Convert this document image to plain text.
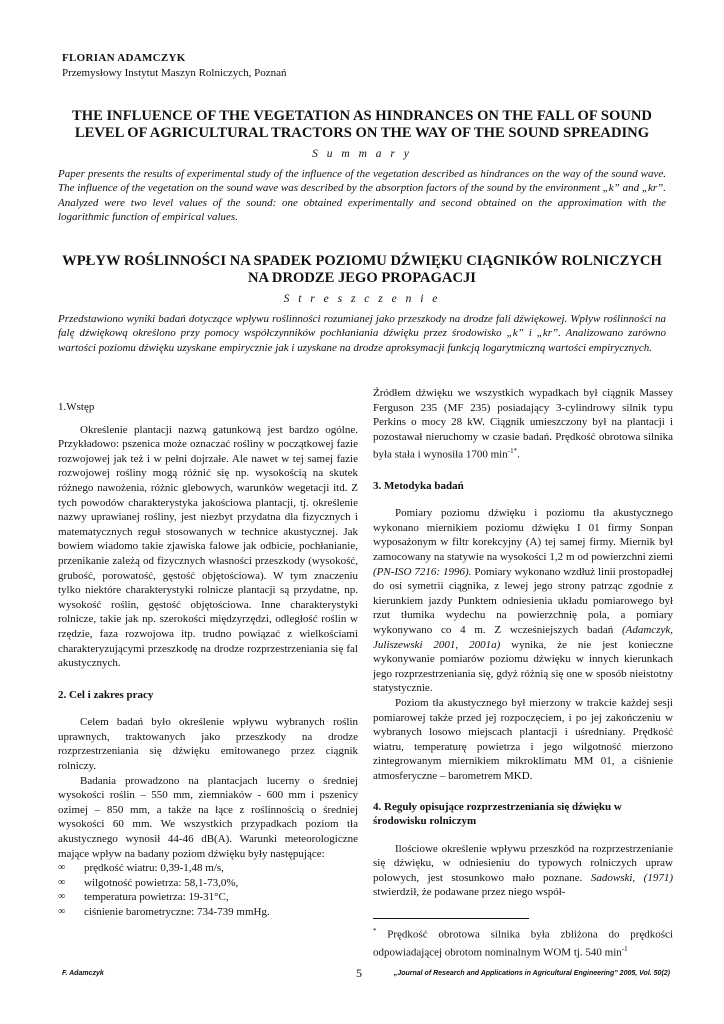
FLORIAN ADAMCZYK
Przemysłowy Instytut Maszyn Rolniczych, Poznań
THE INFLUENCE OF THE VEGETATION AS HINDRANCES ON THE FALL OF SOUND
LEVEL OF AGRICULTURAL TRACTORS ON THE WAY OF THE SOUND SPREADING
S u m m a r y

Paper presents the results of experimental study of the influence of the vegetation described as hindrances on the way of the sound wave. The influence of the vegetation on the sound wave was described by the absorption factors of the sound by the environment „k” and „kr”. Analyzed were two level values of the sound: one obtained experimentally and second obtained on the approximation with the logarithmic function of empirical values.

WPŁYW ROŚLINNOŚCI NA SPADEK POZIOMU DŹWIĘKU CIĄGNIKÓW ROLNICZYCH
NA DRODZE JEGO PROPAGACJI
S t r e s z c z e n i e

Przedstawiono wyniki badań dotyczące wpływu roślinności rozumianej jako przeszkody na drodze fali dźwiękowej. Wpływ roślinności na falę dźwiękową określono przy pomocy współczynników pochłaniania dźwięku przez środowisko „k” i „kr”. Analizowano zarówno wartości poziomu dźwięku uzyskane empirycznie jak i uzyskane na drodze aproksymacji funkcją logarytmiczną wartości empirycznych.

1.Wstęp

Określenie plantacji nazwą gatunkową jest bardzo ogólne. Przykładowo: pszenica może oznaczać rośliny w początkowej fazie rozwojowej jak też i w pełni dojrzałe. Ale nawet w tej samej fazie rozwojowej rośliny mogą różnić się np. wysokością na skutek różnego nawożenia, różnic glebowych, warunków wegetacji itd. Z tych powodów charakterystyka jakościowa plantacji, tj. określenie nazwy uprawianej rośliny, jest niezbyt przydatna dla fizycznych i matematycznych reguł stosowanych w technice akustycznej. Jak bowiem wiadomo takie zjawiska falowe jak odbicie, pochłanianie, przenikanie zależą od fizycznych własności przeszkody (wysokość, grubość, porowatość, gęstość objętościowa). W tym znaczeniu tylko niektóre charakterystyki rolnicze plantacji są przydatne, np. wysokość roślin, gęstość objętościowa. Inne charakterystyki rolnicze, takie jak np. szerokości międzyrzędzi, odległość roślin w rzędzie, faza rozwojowa itp. trudno powiązać z wielkościami charakteryzującymi przeszkodę na drodze rozprzestrzeniania się fal akustycznych.

2. Cel i zakres pracy

Celem badań było określenie wpływu wybranych roślin uprawnych, traktowanych jako przeszkody na drodze rozprzestrzeniania się dźwięku emitowanego przez ciągnik rolniczy.

Badania prowadzono na plantacjach lucerny o średniej wysokości roślin – 550 mm, ziemniaków - 600 mm i pszenicy ozimej – 850 mm, a także na łące z roślinnością o średniej wysokości 60 mm. We wszystkich przypadkach poziom tła akustycznego wynosił 44-46 dB(A). Warunki meteorologiczne mające wpływ na badany poziom dźwięku były następujące:

∞ prędkość wiatru: 0,39-1,48 m/s,
∞ wilgotność powietrza: 58,1-73,0%,
∞ temperatura powietrza: 19-31°C,
∞ ciśnienie barometryczne: 734-739 mmHg.

Źródłem dźwięku we wszystkich wypadkach był ciągnik Massey Ferguson 235 (MF 235) posiadający 3-cylindrowy silnik typu Perkins o mocy 28 kW. Ciągnik umieszczony był na plantacji i pozostawał nieruchomy w czasie badań. Prędkość obrotowa silnika była stała i wynosiła 1700 $\min^{-1*}$.

3. Metodyka badań

Pomiary poziomu dźwięku i poziomu tła akustycznego wykonano miernikiem poziomu dźwięku I 01 firmy Sonpan wyposażonym w filtr korekcyjny (A) tej samej firmy. Miernik był zamocowany na statywie na wysokości 1,2 m od powierzchni ziemi (PN-ISO 7216: 1996). Pomiary wykonano wzdłuż linii prostopadłej do osi symetrii ciągnika, z lewej jego strony patrząc zgodnie z kierunkiem jazdy Punktem odniesienia układu pomiarowego był rzut tłumika wydechu na powierzchnię pola, a pomiary wykonywano co 4 m. Z wcześniejszych badań (Adamczyk, Juliszewski 2001, 2001a) wynika, że nie jest konieczne wykonywanie pomiarów poziomu dźwięku w innych kierunkach jego rozprzestrzeniania się, gdyż różnią się one w sposób nieistotny statystycznie.

Poziom tła akustycznego był mierzony w trakcie każdej sesji pomiarowej także przed jej rozpoczęciem, i po jej zakończeniu w wybranych losowo miejscach plantacji i uśredniany. Prędkość wiatru, temperaturę powietrza i jego wilgotność mierzono zintegrowanym miernikiem mikroklimatu MM 01, a ciśnienie atmosferyczne – barometrem MKD.

4. Reguły opisujące rozprzestrzeniania się dźwięku w środowisku rolniczym

Ilościowe określenie wpływu przeszkód na rozprzestrzenianie się dźwięku, w odniesieniu do typowych rolniczych upraw polowych, jest stosunkowo mało poznane. Sadowski, (1971) stwierdził, że podawane przez niego współ-

* Prędkość obrotowa silnika była zbliżona do prędkości odpowiadającej obrotom nominalnym WOM tj. 540 $\min^{-1}$

F. Adamczyk	5	„Journal of Research and Applications in Agricultural Engineering” 2005, Vol. 50(2)
